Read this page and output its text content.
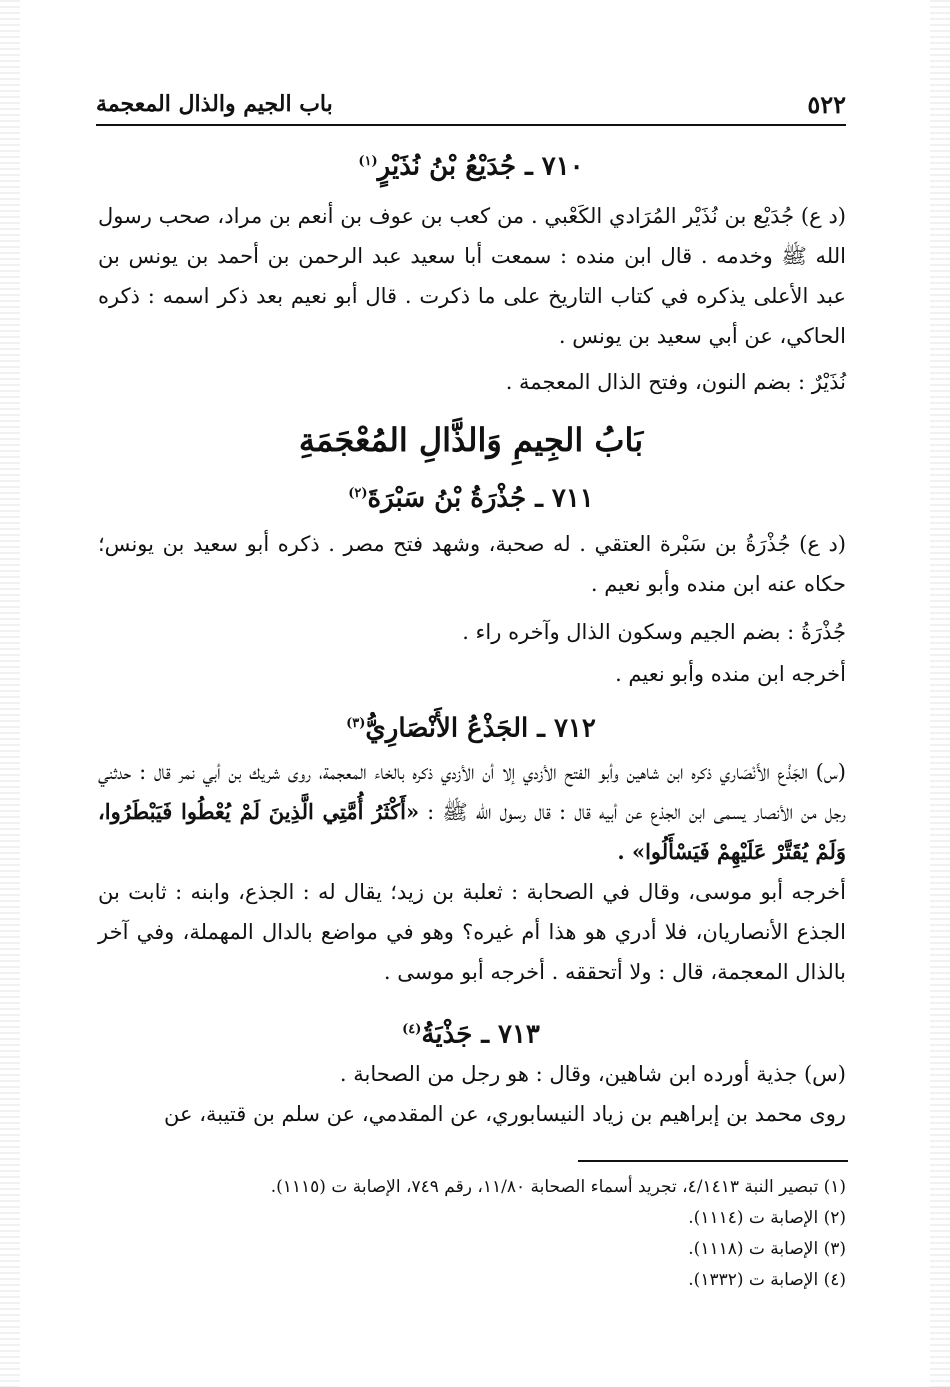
٥٢٢
باب الجيم والذال المعجمة
٧١٠ ـ جُدَيْعُ بْنُ نُذَيْرٍ$^{(١)}$
(د ع) جُدَيْع بن نُذَيْر المُرَادي الكَعْبي . من كعب بن عوف بن أنعم بن مراد، صحب رسول الله ﷺ وخدمه . قال ابن منده : سمعت أبا سعيد عبد الرحمن بن أحمد بن يونس بن عبد الأعلى يذكره في كتاب التاريخ على ما ذكرت . قال أبو نعيم بعد ذكر اسمه : ذكره الحاكي، عن أبي سعيد بن يونس .
نُذَيْرٌ : بضم النون، وفتح الذال المعجمة .
بَابُ الجِيمِ وَالذَّالِ المُعْجَمَةِ
٧١١ ـ جُذْرَةُ بْنُ سَبْرَةَ$^{(٢)}$
(د ع) جُذْرَةُ بن سَبْرة العتقي . له صحبة، وشهد فتح مصر . ذكره أبو سعيد بن يونس؛ حكاه عنه ابن منده وأبو نعيم .
جُذْرَةُ : بضم الجيم وسكون الذال وآخره راء .
أخرجه ابن منده وأبو نعيم .
٧١٢ ـ الجَذْعُ الأَنْصَارِيُّ$^{(٣)}$
(س) الجَذْع الأَنْصَاري ذكره ابن شاهين وأبو الفتح الأزدي إلا أن الأزدي ذكره بالخاء المعجمة، روى شريك بن أبي نمر قال : حدثني رجل من الأنصار يسمى ابن الجذع عن أبيه قال : قال رسول الله ﷺ : «أَكْثَرُ أُمَّتِي الَّذِينَ لَمْ يُعْطُوا فَيَبْطَرُوا، وَلَمْ يُقَتَّرْ عَلَيْهِمْ فَيَسْأَلُوا» .
أخرجه أبو موسى، وقال في الصحابة : ثعلبة بن زيد؛ يقال له : الجذع، وابنه : ثابت بن الجذع الأنصاريان، فلا أدري هو هذا أم غيره؟ وهو في مواضع بالدال المهملة، وفي آخر بالذال المعجمة، قال : ولا أتحققه . أخرجه أبو موسى .
٧١٣ ـ جَذْيَةُ$^{(٤)}$
(س) جذية أورده ابن شاهين، وقال : هو رجل من الصحابة .
روى محمد بن إبراهيم بن زياد النيسابوري، عن المقدمي، عن سلم بن قتيبة، عن
(١) تبصير النبة ٤/١٤١٣، تجريد أسماء الصحابة ١١/٨٠، رقم ٧٤٩، الإصابة ت (١١١٥).
(٢) الإصابة ت (١١١٤).
(٣) الإصابة ت (١١١٨).
(٤) الإصابة ت (١٣٣٢).
